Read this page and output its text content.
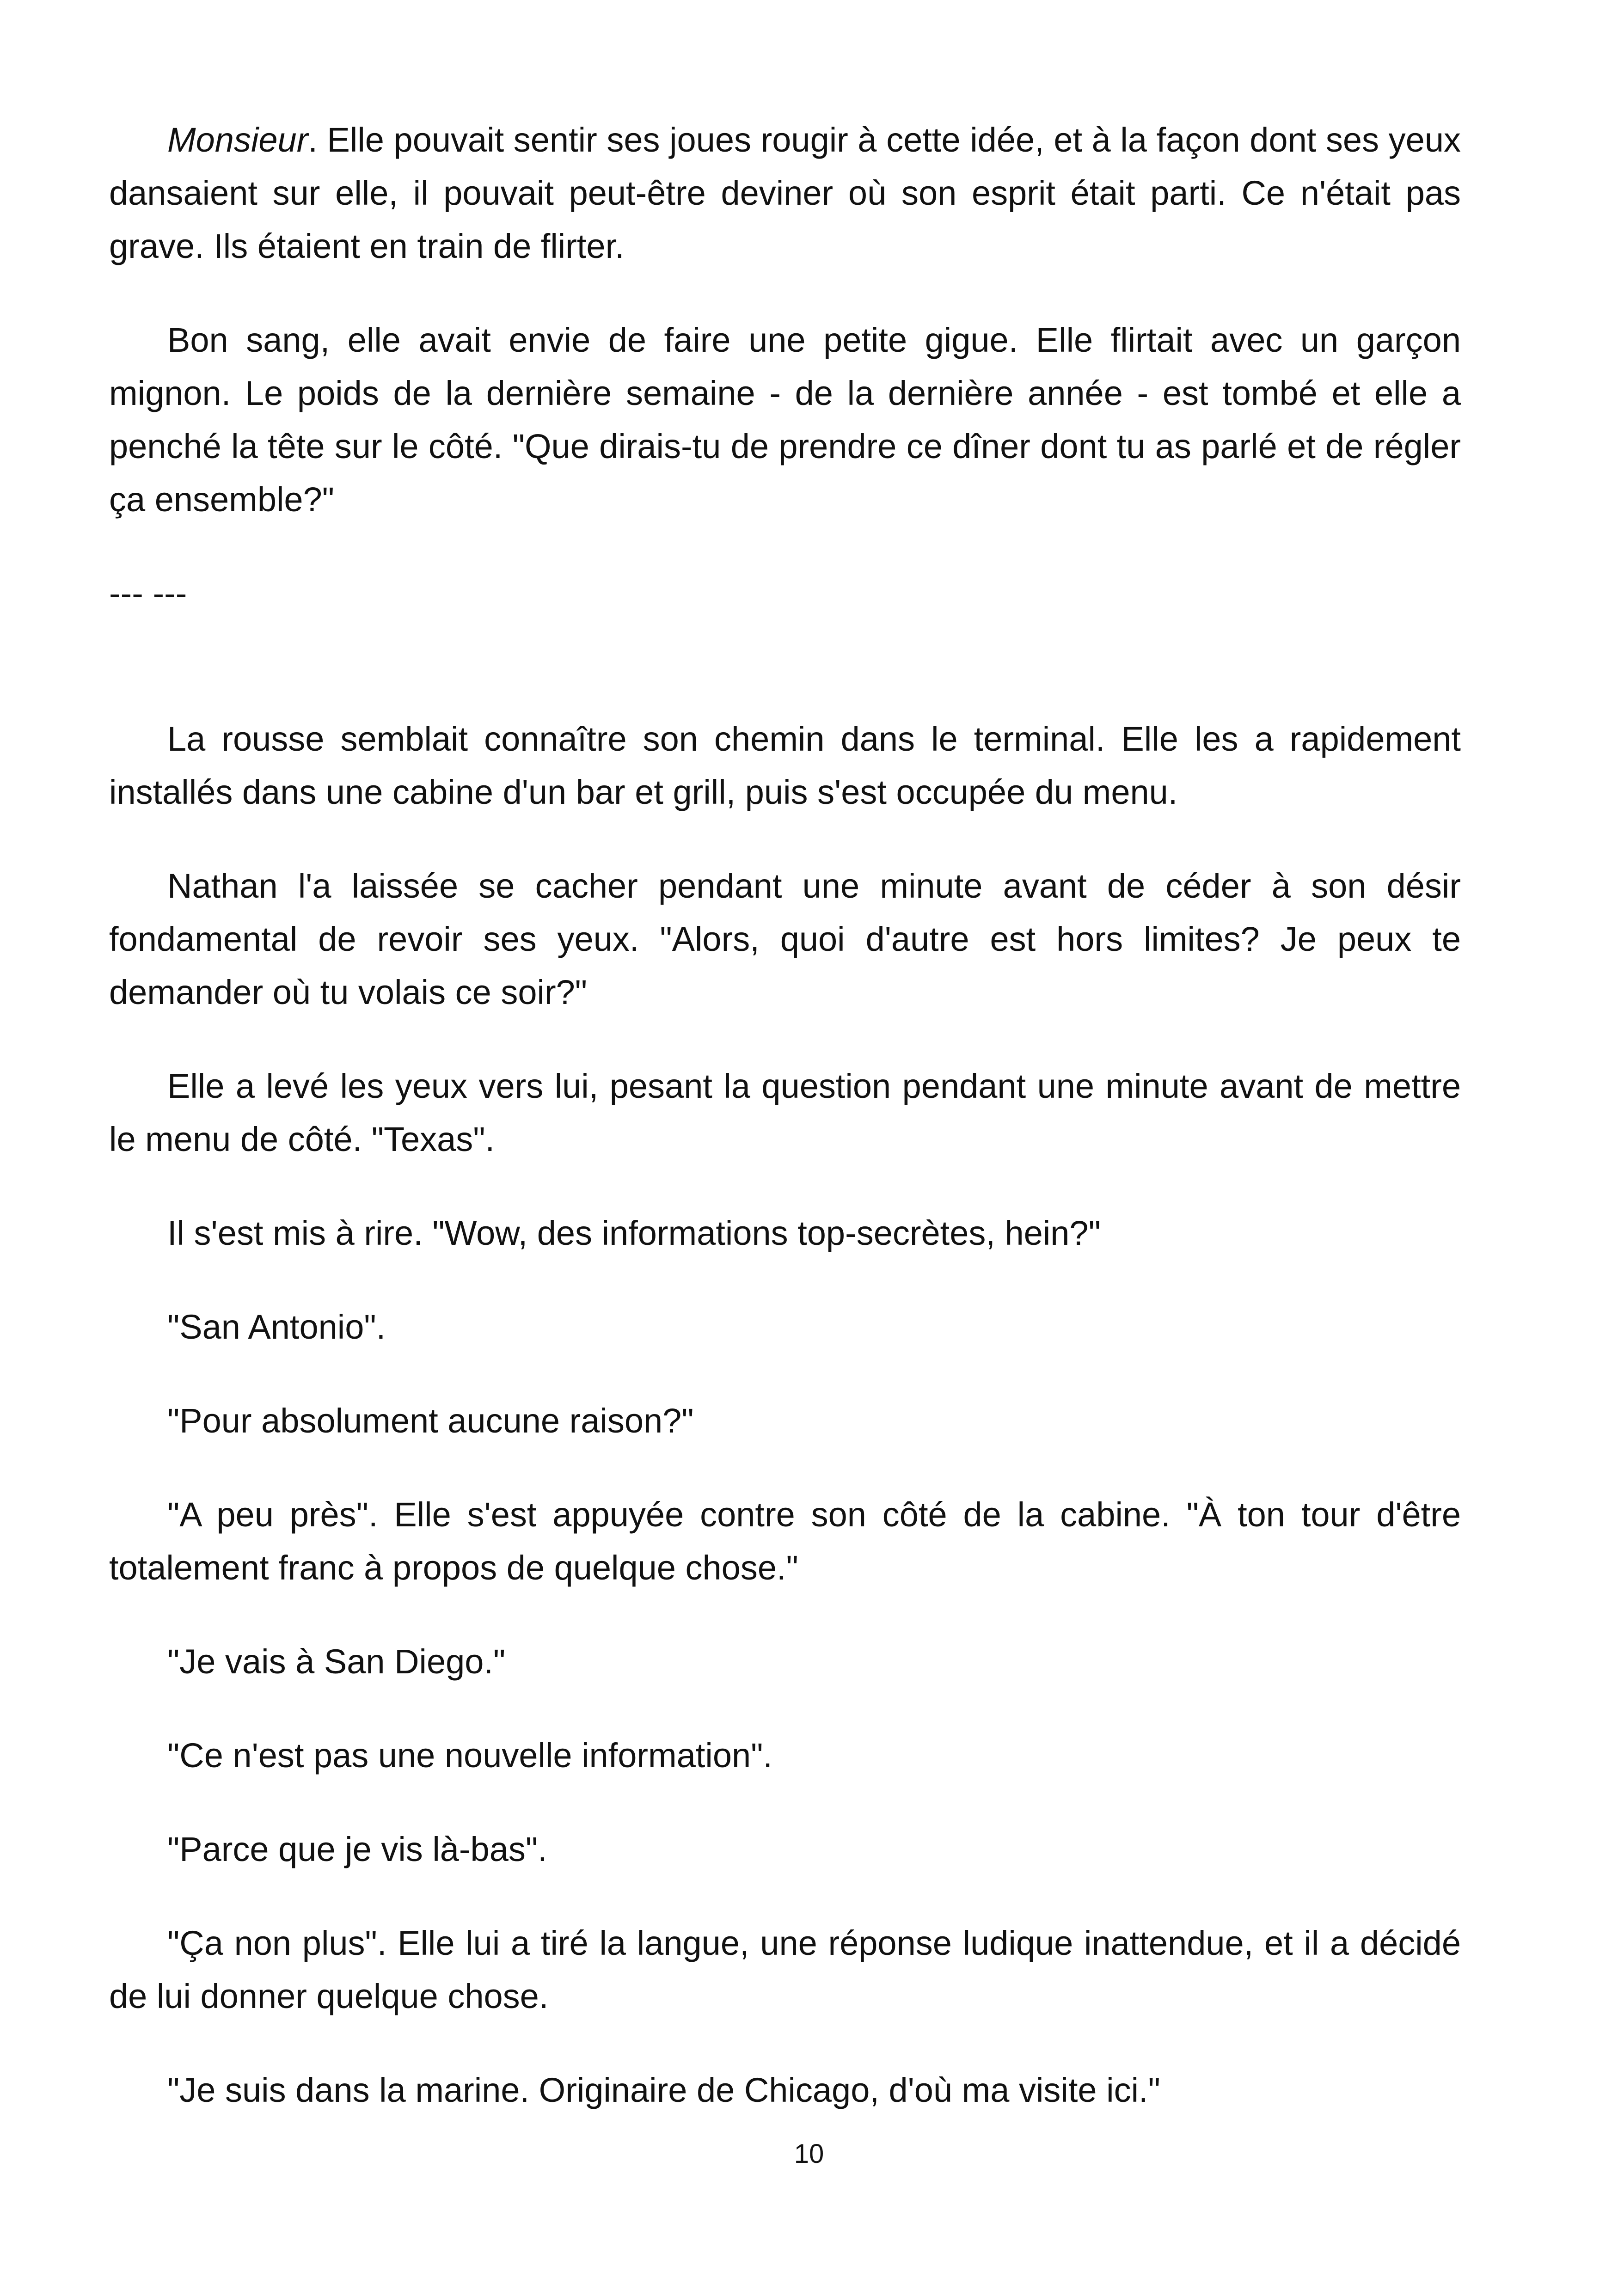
Monsieur. Elle pouvait sentir ses joues rougir à cette idée, et à la façon dont ses yeux dansaient sur elle, il pouvait peut-être deviner où son esprit était parti. Ce n'était pas grave. Ils étaient en train de flirter.

Bon sang, elle avait envie de faire une petite gigue. Elle flirtait avec un garçon mignon. Le poids de la dernière semaine - de la dernière année - est tombé et elle a penché la tête sur le côté. "Que dirais-tu de prendre ce dîner dont tu as parlé et de régler ça ensemble?"

--- ---

La rousse semblait connaître son chemin dans le terminal. Elle les a rapidement installés dans une cabine d'un bar et grill, puis s'est occupée du menu.

Nathan l'a laissée se cacher pendant une minute avant de céder à son désir fondamental de revoir ses yeux. "Alors, quoi d'autre est hors limites? Je peux te demander où tu volais ce soir?"

Elle a levé les yeux vers lui, pesant la question pendant une minute avant de mettre le menu de côté. "Texas".

Il s'est mis à rire. "Wow, des informations top-secrètes, hein?"

"San Antonio".

"Pour absolument aucune raison?"

"A peu près". Elle s'est appuyée contre son côté de la cabine. "À ton tour d'être totalement franc à propos de quelque chose."

"Je vais à San Diego."

"Ce n'est pas une nouvelle information".

"Parce que je vis là-bas".

"Ça non plus". Elle lui a tiré la langue, une réponse ludique inattendue, et il a décidé de lui donner quelque chose.

"Je suis dans la marine. Originaire de Chicago, d'où ma visite ici."

10
